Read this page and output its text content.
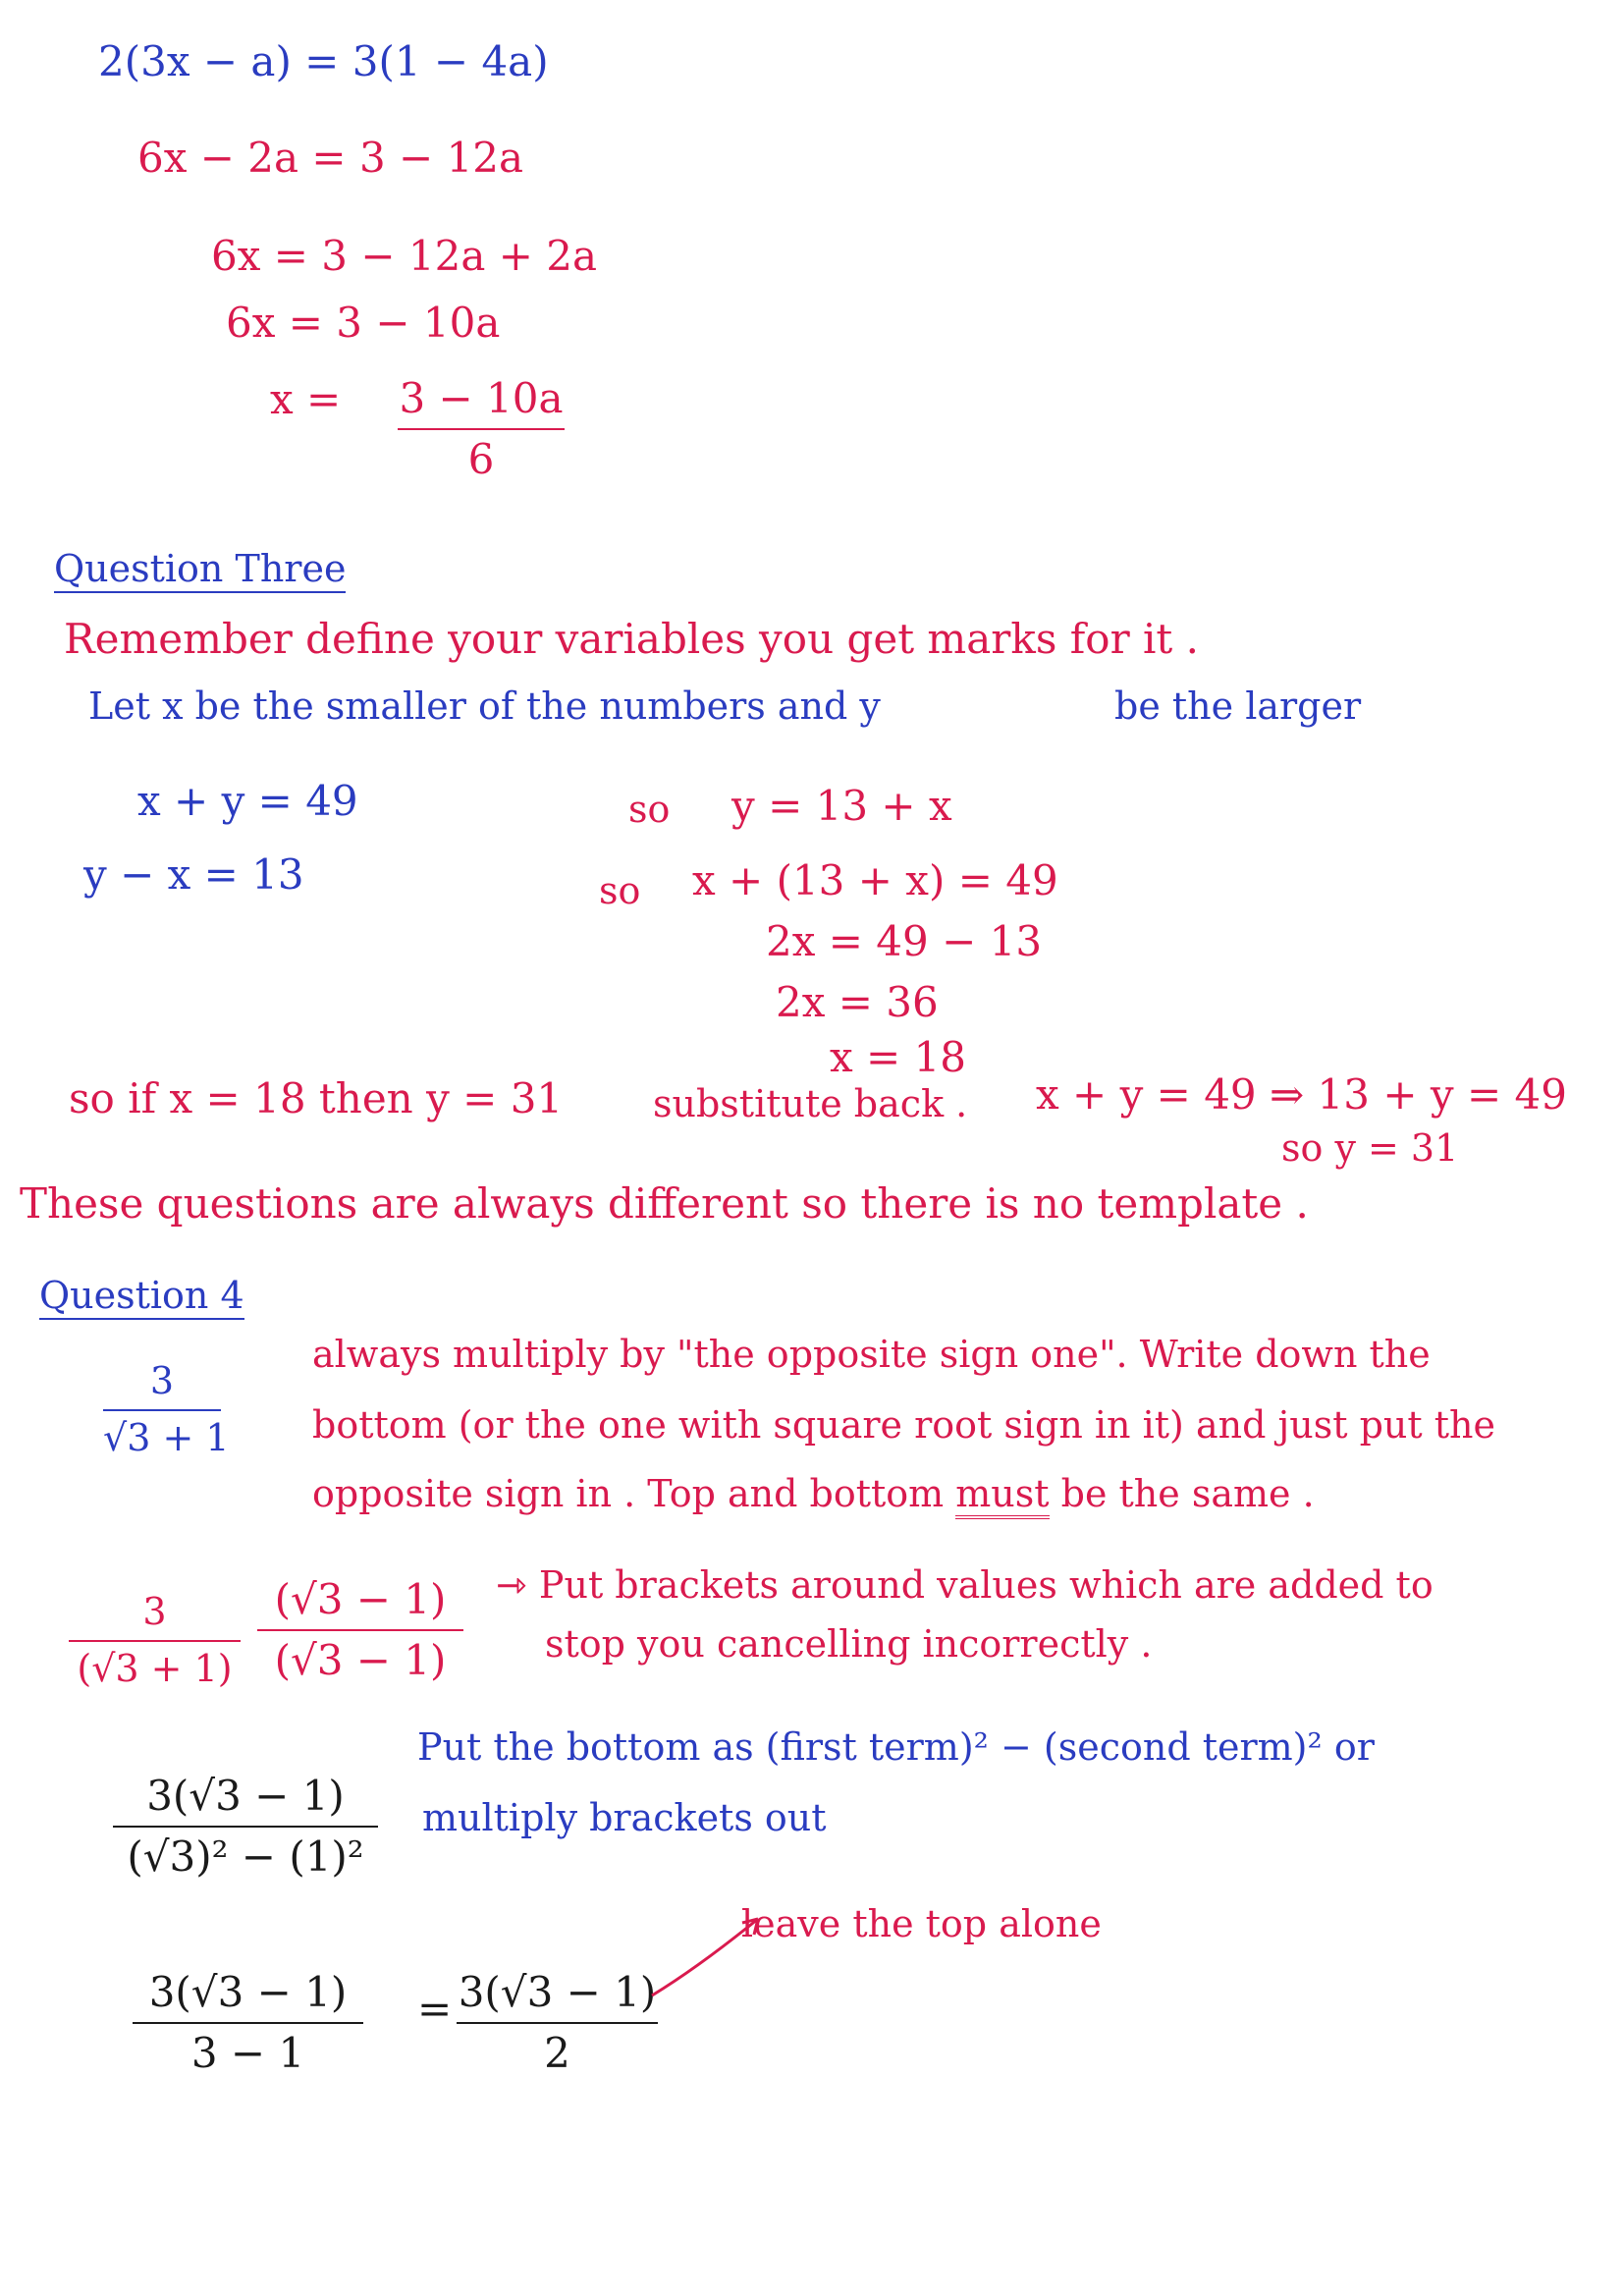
2(3x − a) = 3(1 − 4a)
6x − 2a = 3 − 12a
6x = 3 − 12a + 2a
6x = 3 − 10a
x = 3 − 10a
6
Question Three
Remember define your variables you get marks for it .
Let x be the smaller of the numbers and y	be the larger
x + y = 49
y − x = 13
so y = 13 + x
so x + (13 + x) = 49
2x = 49 − 13
2x = 36
x = 18
so if x = 18 then y = 31 substitute back . x + y = 49 ⇒ 13 + y = 49
so y = 31
These questions are always different so there is no template .
Question 4
3
√3 + 1
always multiply by "the opposite sign one". Write down the
bottom (or the one with square root sign in it) and just put the
opposite sign in . Top and bottom must be the same .
3
(√3 + 1)
(√3 − 1)
(√3 − 1)
⇾ Put brackets around values which are added to
stop you cancelling incorrectly .
3(√3 − 1)
(√3)² − (1)²
Put the bottom as (first term)² − (second term)² or
multiply brackets out
3(√3 − 1)
3 − 1
= 3(√3 − 1)
2
leave the top alone
